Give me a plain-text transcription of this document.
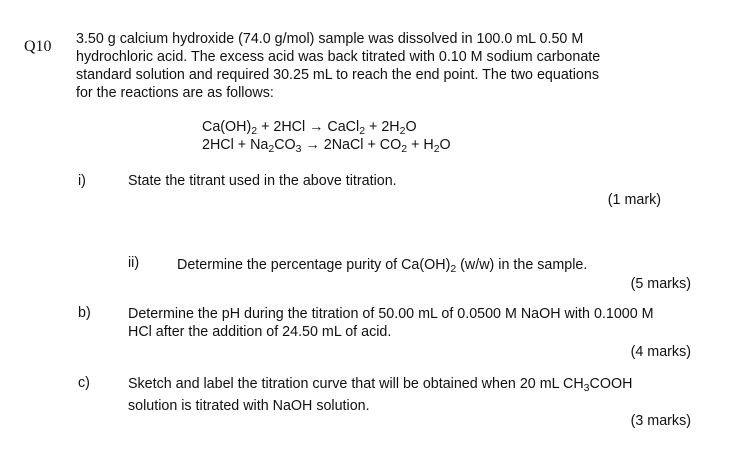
Q10 3.50 g calcium hydroxide (74.0 g/mol) sample was dissolved in 100.0 mL 0.50 M
hydrochloric acid. The excess acid was back titrated with 0.10 M sodium carbonate
standard solution and required 30.25 mL to reach the end point. The two equations
for the reactions are as follows:
$Ca(OH)_2 + 2HCl$ → CaCl$_2$ + $2H_2O$
$2HCl + Na_2CO_3$ → 2NaCl + $CO_2 + H_2O$
i)	State the titrant used in the above titration.
(1 mark)
ii)	Determine the percentage purity of $Ca(OH)_2$ (w/w) in the sample.
(5 marks)
b)	Determine the pH during the titration of 50.00 mL of 0.0500 M NaOH with 0.1000 M
HCl after the addition of 24.50 mL of acid.
(4 marks)
c)	Sketch and label the titration curve that will be obtained when 20 mL $CH_3COOH$
solution is titrated with NaOH solution.
(3 marks)
